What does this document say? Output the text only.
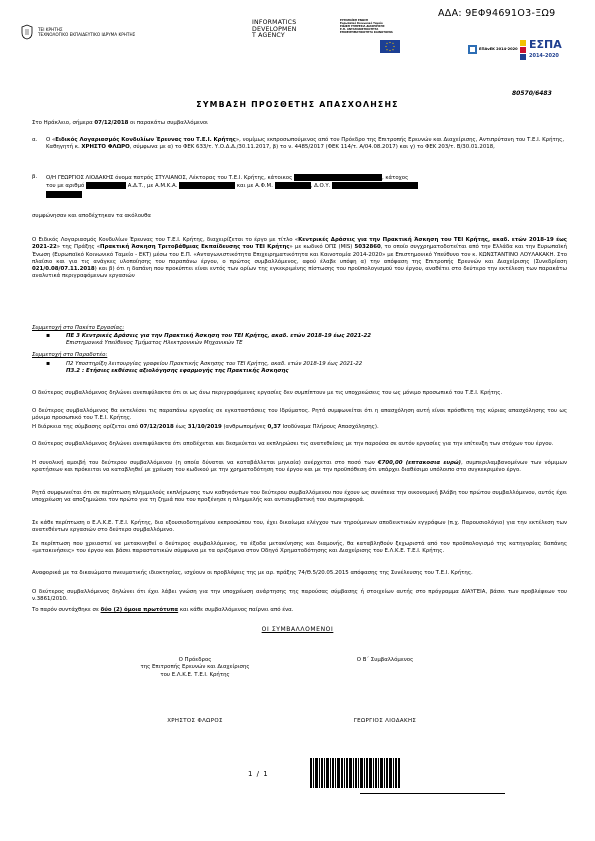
ΑΔΑ: 9ΕΦ94691Ο3-ΞΩ9
ΤΕΙ ΚΡΗΤΗΣ
ΤΕΧΝΟΛΟΓΙΚΟ ΕΚΠΑΙΔΕΥΤΙΚΟ ΙΔΡΥΜΑ ΚΡΗΤΗΣ
INFORMATICS
DEVELOPMEN
T AGENCY
ΕΥΡΩΠΑΪΚΗ ΕΝΩΣΗ
Ευρωπαϊκό Κοινωνικό Ταμείο
ΕΙΔΙΚΗ ΥΠΗΡΕΣΙΑ ΔΙΑΧΕΙΡΙΣΗΣ
Ε.Π. ΑΝΤΑΓΩΝΙΣΤΙΚΟΤΗΤΑ ΕΠΙΧΕΙΡΗΜΑΤΙΚΟΤΗΤΑ ΚΑΙΝΟΤΟΜΙΑ
ΕΠΑνΕΚ 2014-2020 ΕΣΠΑ
2014-2020
80570/6483
ΣΥΜΒΑΣΗ ΠΡΟΣΘΕΤΗΣ ΑΠΑΣΧΟΛΗΣΗΣ
Στο Ηράκλειο, σήμερα 07/12/2018 οι παρακάτω συμβαλλόμενοι
α. Ο «Ειδικός Λογαριασμός Κονδυλίων Έρευνας του Τ.Ε.Ι. Κρήτης», νομίμως εκπροσωπούμενος από τον Πρόεδρο της Επιτροπής Ερευνών και Διαχείρισης, Αντιπρύτανη του Τ.Ε.Ι. Κρήτης, Καθηγητή κ. ΧΡΗΣΤΟ ΦΛΩΡΟ, σύμφωνα με α) το ΦΕΚ 633/τ. Υ.Ο.Δ.Δ./30.11.2017, β) το ν. 4485/2017 (ΦΕΚ 114/τ. Α/04.08.2017) και γ) το ΦΕΚ 203/τ. Β/30.01.2018,
β. Ο/Η ΓΕΩΡΓΙΟΣ ΛΙΟΔΑΚΗΣ όνομα πατρός ΣΤΥΛΙΑΝΟΣ, Λέκτορας του Τ.Ε.Ι. Κρήτης, κάτοικος	, κάτοχος
του με αριθμό	Α.Δ.Τ., με Α.Μ.Κ.Α.	και με Α.Φ.Μ.	, Δ.Ο.Υ.

συμφώνησαν και αποδέχτηκαν τα ακόλουθα
Ο Ειδικός Λογαριασμός Κονδυλίων Έρευνας του Τ.Ε.Ι. Κρήτης, διαχειρίζεται το έργο με τίτλο «Κεντρικές Δράσεις για την Πρακτική Άσκηση του ΤΕΙ Κρήτης, ακαδ. ετών 2018-19 έως 2021-22» της Πράξης «Πρακτική Άσκηση Τριτοβάθμιας Εκπαίδευσης του ΤΕΙ Κρήτης» με κωδικό ΟΠΣ (MIS) 5032860, το οποίο συγχρηματοδοτείται από την Ελλάδα και την Ευρωπαϊκή Ένωση (Ευρωπαϊκό Κοινωνικό Ταμείο - ΕΚΤ) μέσω του Ε.Π. «Ανταγωνιστικότητα Επιχειρηματικότητα και Καινοτομία 2014-2020» με Επιστημονικό Υπεύθυνο τον κ. ΚΩΝΣΤΑΝΤΙΝΟ ΛΟΥΛΑΚΑΚΗ. Στο πλαίσιο και για τις ανάγκες υλοποίησης του παραπάνω έργου, ο πρώτος συμβαλλόμενος, αφού έλαβε υπόψη α) την απόφαση της Επιτροπής Ερευνών και Διαχείρισης (Συνεδρίαση 021/0.08/07.11.2018) και β) ότι η δαπάνη που προκύπτει είναι εντός των ορίων της εγκεκριμένης πίστωσης του προϋπολογισμού του έργου, αναθέτει στο δεύτερο την εκτέλεση των παρακάτω αναλυτικά περιγραφόμενων εργασιών
Συμμετοχή στο Πακέτο Εργασίας:
▪	ΠΕ 3 Κεντρικές Δράσεις για την Πρακτική Άσκηση του ΤΕΙ Κρήτης, ακαδ. ετών 2018-19 έως 2021-22
Επιστημονικά Υπεύθυνος Τμήματος Ηλεκτρονικών Μηχανικών ΤΕ
Συμμετοχή στο Παραδοτέο:
▪	Π2 Υποστηρίξη λειτουργίας γραφείου Πρακτικής Άσκησης του ΤΕΙ Κρήτης, ακαδ. ετών 2018-19 έως 2021-22
Π3.2 : Ετήσιες εκθέσεις αξιολόγησης εφαρμογής της Πρακτικής Άσκησης
Ο δεύτερος συμβαλλόμενος δηλώνει ανεπιφύλακτα ότι οι ως άνω περιγραφόμενες εργασίες δεν συμπίπτουν με τις υποχρεώσεις του ως μόνιμο προσωπικό του Τ.Ε.Ι. Κρήτης.
Ο δεύτερος συμβαλλόμενος θα εκτελέσει τις παραπάνω εργασίες σε εγκαταστάσεις του Ιδρύματος. Ρητά συμφωνείται ότι η απασχόληση αυτή είναι πρόσθετη της κύριας απασχόλησης του ως μόνιμο προσωπικό του Τ.Ε.Ι. Κρήτης.
Η διάρκεια της σύμβασης ορίζεται από 07/12/2018 έως 31/10/2019 (ανθρωπομήνες 0,37 Ισοδύναμα Πλήρους Απασχόλησης).
Ο δεύτερος συμβαλλόμενος δηλώνει ανεπιφύλακτα ότι αποδέχεται και δεσμεύεται να εκπληρώσει τις ανατεθείσες με την παρούσα σε αυτόν εργασίες για την επίτευξη των στόχων του έργου.
Η συνολική αμοιβή του δεύτερου συμβαλλόμενου (η οποία δύναται να καταβάλλεται μηνιαία) ανέρχεται στο ποσό των €700,00 (επτακοσια ευρώ), συμπεριλαμβανομένων των νόμιμων κρατήσεων και πρόκειται να καταβληθεί με χρέωση του κωδικού με την χρηματοδότηση του έργου και με την προϋπόθεση ότι υπάρχει διαθέσιμο υπόλοιπο στο συγκεκριμένο έργο.
Ρητά συμφωνείται ότι σε περίπτωση πλημμελούς εκπλήρωσης των καθηκόντων του δεύτερου συμβαλλόμενου που έχουν ως συνέπεια την οικονομική βλάβη του πρώτου συμβαλλόμενου, αυτός έχει υποχρέωση να αποζημιώσει τον πρώτο για τη ζημιά που του προξένησε η πλημμελής και αντισυμβατική του συμπεριφορά.
Σε κάθε περίπτωση ο Ε.Λ.Κ.Ε. Τ.Ε.Ι. Κρήτης, δια εξουσιοδοτημένου εκπροσώπου του, έχει δικαίωμα ελέγχου των τηρούμενων αποδεικτικών εγγράφων (π.χ. Παρουσιολόγιο) για την εκτέλεση των ανατεθέντων εργασιών στο δεύτερο συμβαλλόμενο.
Σε περίπτωση που χρειαστεί να μετακινηθεί ο δεύτερος συμβαλλόμενος, τα έξοδα μετακίνησης και διαμονής, θα καταβληθούν ξεχωριστά από τον προϋπολογισμό της κατηγορίας δαπάνης «μετακινήσεις» του έργου και βάσει παραστατικών σύμφωνα με τα οριζόμενα στον Οδηγό Χρηματοδότησης και Διαχείρισης του Ε.Λ.Κ.Ε. Τ.Ε.Ι. Κρήτης.
Αναφορικά με τα δικαιώματα πνευματικής ιδιοκτησίας, ισχύουν οι προβλέψεις της με αρ. πράξης 74/Θ.5/20.05.2015 απόφασης της Συνέλευσης του Τ.Ε.Ι. Κρήτης.
Ο δεύτερος συμβαλλόμενος δηλώνει ότι έχει λάβει γνώση για την υποχρέωση ανάρτησης της παρούσας σύμβασης ή στοιχείων αυτής στο πρόγραμμα ΔΙΑΥΓΕΙΑ, βάσει των προβλέψεων του ν.3861/2010.
Το παρόν συντάχθηκε σε δύο (2) όμοια πρωτότυπα και κάθε συμβαλλόμενος παίρνει από ένα.
ΟΙ ΣΥΜΒΑΛΛΟΜΕΝΟΙ
Ο Πρόεδρος
της Επιτροπής Ερευνών και Διαχείρισης
του Ε.Λ.Κ.Ε. Τ.Ε.Ι. Κρήτης
Ο Β΄ Συμβαλλόμενος
ΧΡΗΣΤΟΣ ΦΛΩΡΟΣ	ΓΕΩΡΓΙΟΣ ΛΙΟΔΑΚΗΣ
1 / 1
